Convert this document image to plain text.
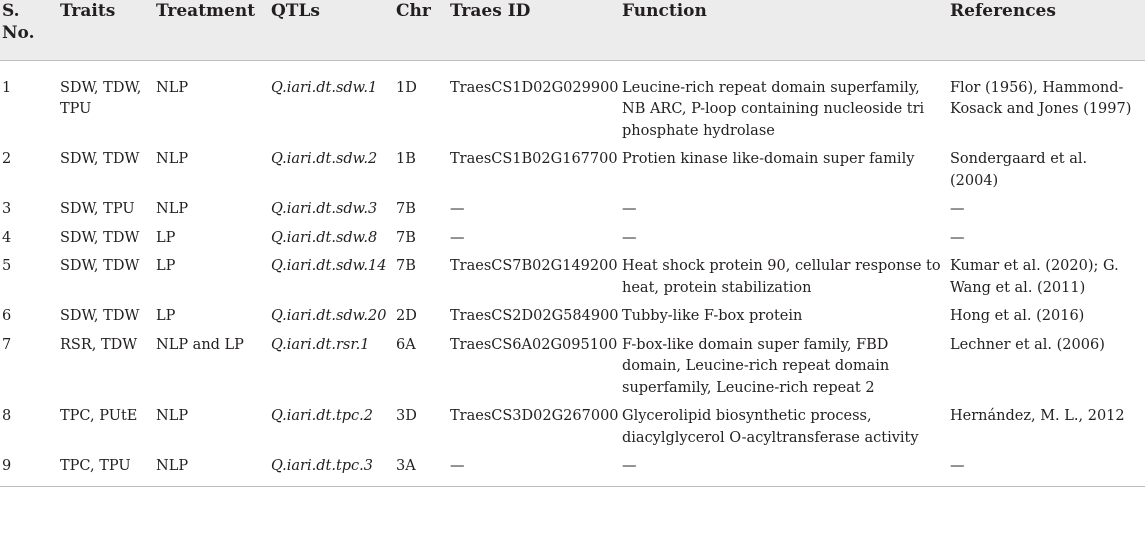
S. No.	Traits	Treatment	QTLs	Chr	Traes ID	Function	References
1	SDW, TDW, TPU	NLP	Q.iari.dt.sdw.1	1D	TraesCS1D02G029900	Leucine-rich repeat domain superfamily, NB ARC, P-loop containing nucleoside tri phosphate hydrolase	Flor (1956), Hammond-Kosack and Jones (1997)
2	SDW, TDW	NLP	Q.iari.dt.sdw.2	1B	TraesCS1B02G167700	Protien kinase like-domain super family	Sondergaard et al. (2004)
3	SDW, TPU	NLP	Q.iari.dt.sdw.3	7B	—	—	—
4	SDW, TDW	LP	Q.iari.dt.sdw.8	7B	—	—	—
5	SDW, TDW	LP	Q.iari.dt.sdw.14	7B	TraesCS7B02G149200	Heat shock protein 90, cellular response to heat, protein stabilization	Kumar et al. (2020); G. Wang et al. (2011)
6	SDW, TDW	LP	Q.iari.dt.sdw.20	2D	TraesCS2D02G584900	Tubby-like F-box protein	Hong et al. (2016)
7	RSR, TDW	NLP and LP	Q.iari.dt.rsr.1	6A	TraesCS6A02G095100	F-box-like domain super family, FBD domain, Leucine-rich repeat domain superfamily, Leucine-rich repeat 2	Lechner et al. (2006)
8	TPC, PUtE	NLP	Q.iari.dt.tpc.2	3D	TraesCS3D02G267000	Glycerolipid biosynthetic process, diacylglycerol O-acyltransferase activity	Hernández, M. L., 2012
9	TPC, TPU	NLP	Q.iari.dt.tpc.3	3A	—	—	—
